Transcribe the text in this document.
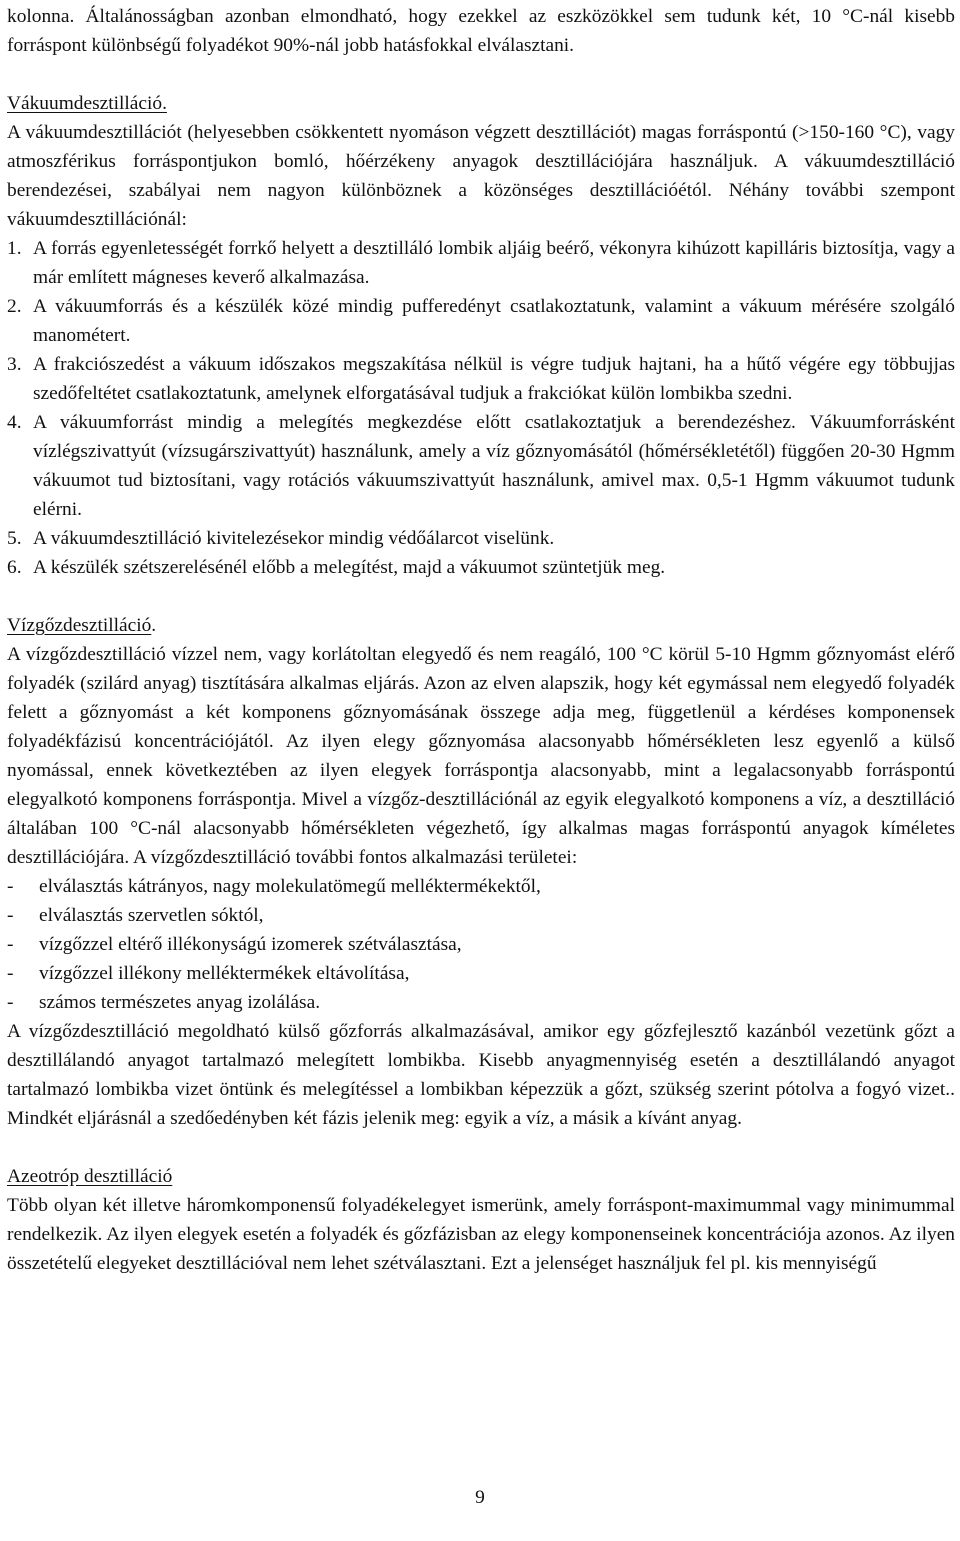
kolonna. Általánosságban azonban elmondható, hogy ezekkel az eszközökkel sem tudunk két, 10 °C-nál kisebb forráspont különbségű folyadékot 90%-nál jobb hatásfokkal elválasztani.

Vákuumdesztilláció.

A vákuumdesztillációt (helyesebben csökkentett nyomáson végzett desztillációt) magas forráspontú (>150-160 °C), vagy atmoszférikus forráspontjukon bomló, hőérzékeny anyagok desztillációjára használjuk. A vákuumdesztilláció berendezései, szabályai nem nagyon különböznek a közönséges desztillációétól. Néhány további szempont vákuumdesztillációnál:

1. A forrás egyenletességét forrkő helyett a desztilláló lombik aljáig beérő, vékonyra kihúzott kapilláris biztosítja, vagy a már említett mágneses keverő alkalmazása.
2. A vákuumforrás és a készülék közé mindig pufferedényt csatlakoztatunk, valamint a vákuum mérésére szolgáló manométert.
3. A frakciószedést a vákuum időszakos megszakítása nélkül is végre tudjuk hajtani, ha a hűtő végére egy többujjas szedőfeltétet csatlakoztatunk, amelynek elforgatásával tudjuk a frakciókat külön lombikba szedni.
4. A vákuumforrást mindig a melegítés megkezdése előtt csatlakoztatjuk a berendezéshez. Vákuumforrásként vízlégszivattyút (vízsugárszivattyút) használunk, amely a víz gőznyomásától (hőmérsékletétől) függően 20-30 Hgmm vákuumot tud biztosítani, vagy rotációs vákuumszivattyút használunk, amivel max. 0,5-1 Hgmm vákuumot tudunk elérni.
5. A vákuumdesztilláció kivitelezésekor mindig védőálarcot viselünk.
6. A készülék szétszerelésénél előbb a melegítést, majd a vákuumot szüntetjük meg.
Vízgőzdesztilláció.

A vízgőzdesztilláció vízzel nem, vagy korlátoltan elegyedő és nem reagáló, 100 °C körül 5-10 Hgmm gőznyomást elérő folyadék (szilárd anyag) tisztítására alkalmas eljárás. Azon az elven alapszik, hogy két egymással nem elegyedő folyadék felett a gőznyomást a két komponens gőznyomásának összege adja meg, függetlenül a kérdéses komponensek folyadékfázisú koncentrációjától. Az ilyen elegy gőznyomása alacsonyabb hőmérsékleten lesz egyenlő a külső nyomással, ennek következtében az ilyen elegyek forráspontja alacsonyabb, mint a legalacsonyabb forráspontú elegyalkotó komponens forráspontja. Mivel a vízgőz-desztillációnál az egyik elegyalkotó komponens a víz, a desztilláció általában 100 °C-nál alacsonyabb hőmérsékleten végezhető, így alkalmas magas forráspontú anyagok kíméletes desztillációjára. A vízgőzdesztilláció további fontos alkalmazási területei:

- elválasztás kátrányos, nagy molekulatömegű melléktermékektől,
- elválasztás szervetlen sóktól,
- vízgőzzel eltérő illékonyságú izomerek szétválasztása,
- vízgőzzel illékony melléktermékek eltávolítása,
- számos természetes anyag izolálása.

A vízgőzdesztilláció megoldható külső gőzforrás alkalmazásával, amikor egy gőzfejlesztő kazánból vezetünk gőzt a desztillálandó anyagot tartalmazó melegített lombikba. Kisebb anyagmennyiség esetén a desztillálandó anyagot tartalmazó lombikba vizet öntünk és melegítéssel a lombikban képezzük a gőzt, szükség szerint pótolva a fogyó vizet.. Mindkét eljárásnál a szedőedényben két fázis jelenik meg: egyik a víz, a másik a kívánt anyag.

Azeotróp desztilláció

Több olyan két illetve háromkomponensű folyadékelegyet ismerünk, amely forráspont-maximummal vagy minimummal rendelkezik. Az ilyen elegyek esetén a folyadék és gőzfázisban az elegy komponenseinek koncentrációja azonos. Az ilyen összetételű elegyeket desztillációval nem lehet szétválasztani. Ezt a jelenséget használjuk fel pl. kis mennyiségű

9
